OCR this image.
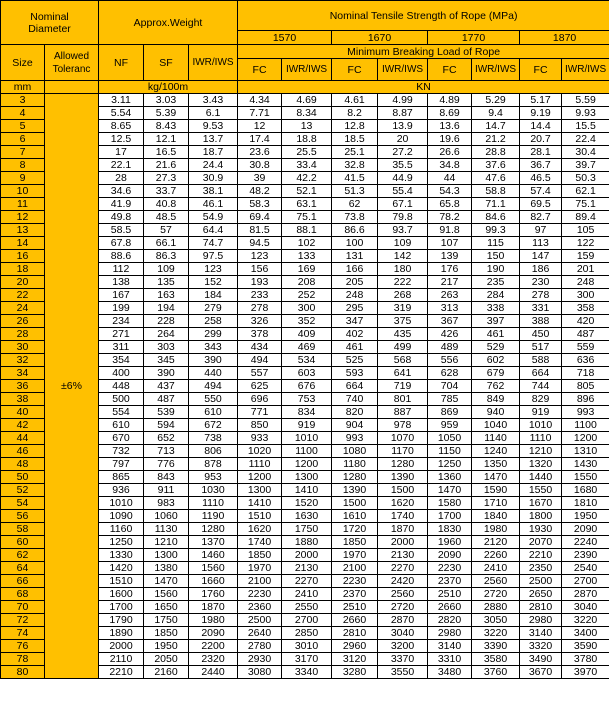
Nominal Diameter		Approx.Weight			Nominal Tensile Strength of Rope (MPa)							
					1570		1670		1770		1870	
Size	Allowed Toleranc	NF	SF	IWR/IWS	Minimum Breaking Load of Rope							
					FC	IWR/IWS	FC	IWR/IWS	FC	IWR/IWS	FC	IWR/IWS
mm		kg/100m			KN							
3	±6%	3.11	3.03	3.43	4.34	4.69	4.61	4.99	4.89	5.29	5.17	5.59
4		5.54	5.39	6.1	7.71	8.34	8.2	8.87	8.69	9.4	9.19	9.93
5		8.65	8.43	9.53	12	13	12.8	13.9	13.6	14.7	14.4	15.5
6		12.5	12.1	13.7	17.4	18.8	18.5	20	19.6	21.2	20.7	22.4
7		17	16.5	18.7	23.6	25.5	25.1	27.2	26.6	28.8	28.1	30.4
8		22.1	21.6	24.4	30.8	33.4	32.8	35.5	34.8	37.6	36.7	39.7
9		28	27.3	30.9	39	42.2	41.5	44.9	44	47.6	46.5	50.3
10		34.6	33.7	38.1	48.2	52.1	51.3	55.4	54.3	58.8	57.4	62.1
11		41.9	40.8	46.1	58.3	63.1	62	67.1	65.8	71.1	69.5	75.1
12		49.8	48.5	54.9	69.4	75.1	73.8	79.8	78.2	84.6	82.7	89.4
13		58.5	57	64.4	81.5	88.1	86.6	93.7	91.8	99.3	97	105
14		67.8	66.1	74.7	94.5	102	100	109	107	115	113	122
16		88.6	86.3	97.5	123	133	131	142	139	150	147	159
18		112	109	123	156	169	166	180	176	190	186	201
20		138	135	152	193	208	205	222	217	235	230	248
22		167	163	184	233	252	248	268	263	284	278	300
24		199	194	279	278	300	295	319	313	338	331	358
26		234	228	258	326	352	347	375	367	397	388	420
28		271	264	299	378	409	402	435	426	461	450	487
30		311	303	343	434	469	461	499	489	529	517	559
32		354	345	390	494	534	525	568	556	602	588	636
34		400	390	440	557	603	593	641	628	679	664	718
36		448	437	494	625	676	664	719	704	762	744	805
38		500	487	550	696	753	740	801	785	849	829	896
40		554	539	610	771	834	820	887	869	940	919	993
42		610	594	672	850	919	904	978	959	1040	1010	1100
44		670	652	738	933	1010	993	1070	1050	1140	1110	1200
46		732	713	806	1020	1100	1080	1170	1150	1240	1210	1310
48		797	776	878	1110	1200	1180	1280	1250	1350	1320	1430
50		865	843	953	1200	1300	1280	1390	1360	1470	1440	1550
52		936	911	1030	1300	1410	1390	1500	1470	1590	1550	1680
54		1010	983	1110	1410	1520	1500	1620	1580	1710	1670	1810
56		1090	1060	1190	1510	1630	1610	1740	1700	1840	1800	1950
58		1160	1130	1280	1620	1750	1720	1870	1830	1980	1930	2090
60		1250	1210	1370	1740	1880	1850	2000	1960	2120	2070	2240
62		1330	1300	1460	1850	2000	1970	2130	2090	2260	2210	2390
64		1420	1380	1560	1970	2130	2100	2270	2230	2410	2350	2540
66		1510	1470	1660	2100	2270	2230	2420	2370	2560	2500	2700
68		1600	1560	1760	2230	2410	2370	2560	2510	2720	2650	2870
70		1700	1650	1870	2360	2550	2510	2720	2660	2880	2810	3040
72		1790	1750	1980	2500	2700	2660	2870	2820	3050	2980	3220
74		1890	1850	2090	2640	2850	2810	3040	2980	3220	3140	3400
76		2000	1950	2200	2780	3010	2960	3200	3140	3390	3320	3590
78		2110	2050	2320	2930	3170	3120	3370	3310	3580	3490	3780
80		2210	2160	2440	3080	3340	3280	3550	3480	3760	3670	3970
